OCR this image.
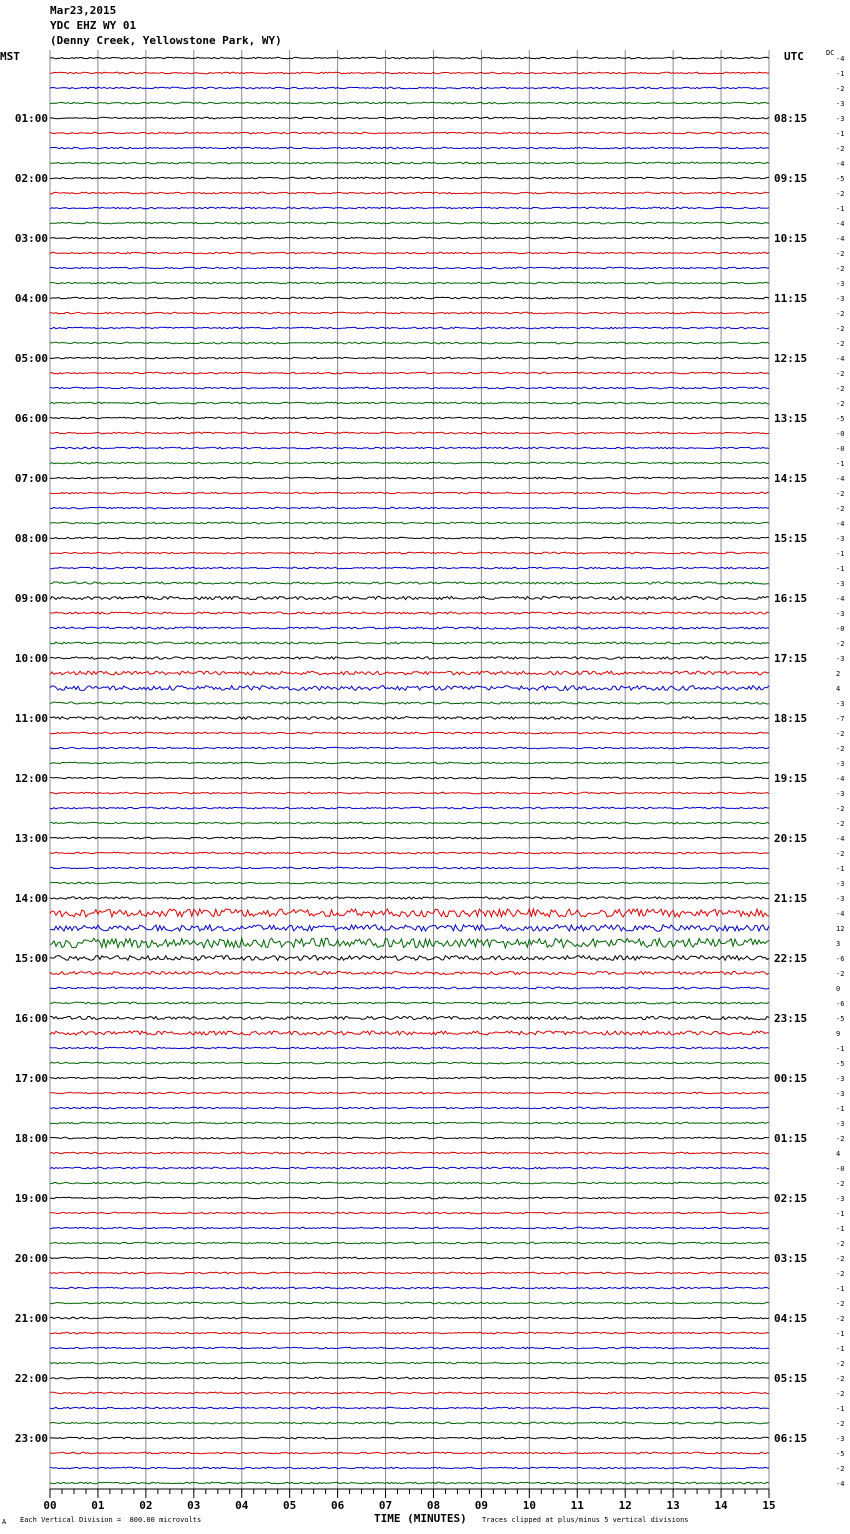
Mar23,2015
YDC EHZ WY 01
(Denny Creek, Yellowstone Park, WY)
MST	UTC	DC
-4
-1
-2
-3
-3
-1
-2
-4
-5
-2
-1
-4
-4
-2
-2
-3
-3
-2
-2
-2
-4
-2
-2
-2
-5
-0
-0
-1
-4
-2
-2
-4
-3
-1
-1
-3
-4
-3
-0
-2
-3
2
4
-3
-7
-2
-2
-3
-4
-3
-2
-2
-4
-2
-1
-3
-3
-4
12
3
-6
-2
0
-6
-5
9
-1
-5
-3
-3
-1
-3
-2
4
-0
-2
-3
-1
-1
-2
-2
-2
-1
-2
-2
-1
-1
-2
-2
-2
-1
-2
-3
-5
-2
-4
01:00
02:00
03:00
04:00
05:00
06:00
07:00
08:00
09:00
10:00
11:00
12:00
13:00
14:00
15:00
16:00
17:00
18:00
19:00
20:00
21:00
22:00
23:00
08:15
09:15
10:15
11:15
12:15
13:15
14:15
15:15
16:15
17:15
18:15
19:15
20:15
21:15
22:15
23:15
00:15
01:15
02:15
03:15
04:15
05:15
06:15
00	01	02	03	04	05	06	07	08	09	10	11	12	13	14	15
TIME (MINUTES)
Each Vertical Division =  800.00 microvolts	Traces clipped at plus/minus 5 vertical divisions
A
